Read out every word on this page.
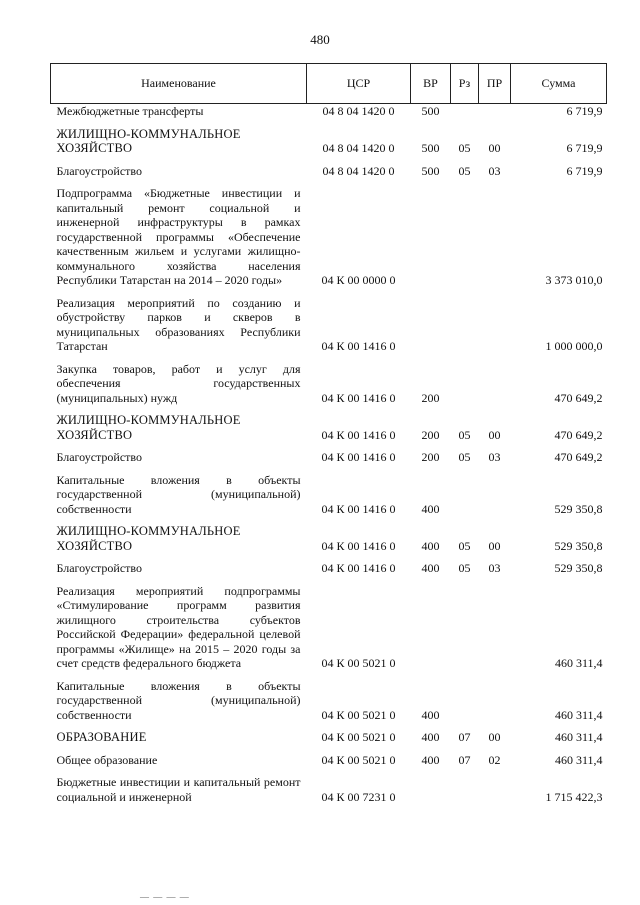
480
Наименование	ЦСР	ВР	Рз	ПР	Сумма
Межбюджетные трансферты	04 8 04 1420 0	500			6 719,9

ЖИЛИЩНО-КОММУНАЛЬНОЕ ХОЗЯЙСТВО	04 8 04 1420 0	500	05	00	6 719,9

Благоустройство	04 8 04 1420 0	500	05	03	6 719,9

Подпрограмма «Бюджетные инвестиции и капитальный ремонт социальной и инженерной инфраструктуры в рамках государственной программы «Обеспечение качественным жильем и услугами жилищно-коммунального хозяйства населения Республики Татарстан на 2014 – 2020 годы»	04 К 00 0000 0				3 373 010,0

Реализация мероприятий по созданию и обустройству парков и скверов в муниципальных образованиях Республики Татарстан	04 К 00 1416 0				1 000 000,0

Закупка товаров, работ и услуг для обеспечения государственных (муниципальных) нужд	04 К 00 1416 0	200			470 649,2

ЖИЛИЩНО-КОММУНАЛЬНОЕ ХОЗЯЙСТВО	04 К 00 1416 0	200	05	00	470 649,2

Благоустройство	04 К 00 1416 0	200	05	03	470 649,2

Капитальные вложения в объекты государственной (муниципальной) собственности	04 К 00 1416 0	400			529 350,8

ЖИЛИЩНО-КОММУНАЛЬНОЕ ХОЗЯЙСТВО	04 К 00 1416 0	400	05	00	529 350,8

Благоустройство	04 К 00 1416 0	400	05	03	529 350,8

Реализация мероприятий подпрограммы «Стимулирование программ развития жилищного строительства субъектов Российской Федерации» федеральной целевой программы «Жилище» на 2015 – 2020 годы за счет средств федерального бюджета	04 К 00 5021 0				460 311,4

Капитальные вложения в объекты государственной (муниципальной) собственности	04 К 00 5021 0	400			460 311,4

ОБРАЗОВАНИЕ	04 К 00 5021 0	400	07	00	460 311,4

Общее образование	04 К 00 5021 0	400	07	02	460 311,4

Бюджетные инвестиции и капитальный ремонт социальной и инженерной	04 К 00 7231 0				1 715 422,3
— — — —
